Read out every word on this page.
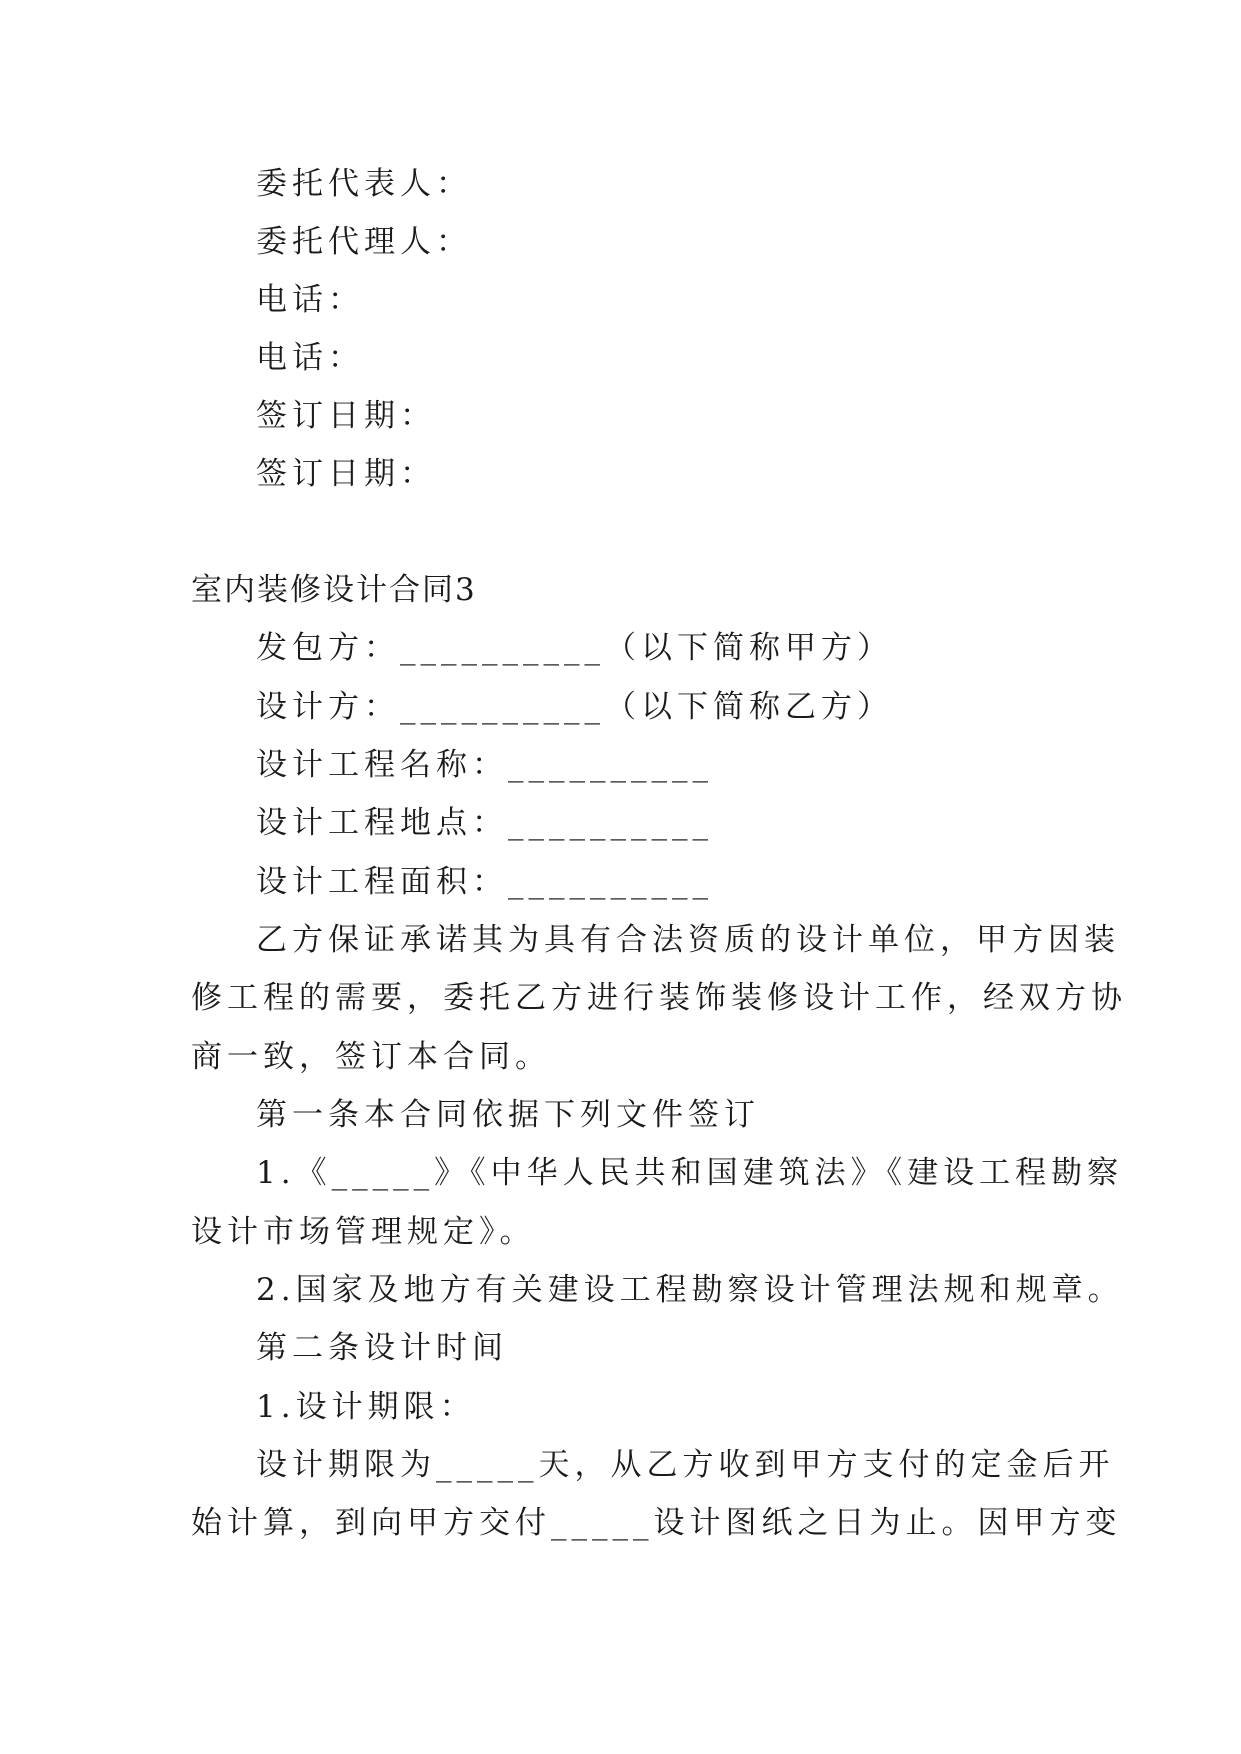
委托代表人：
委托代理人：
电话：
电话：
签订日期：
签订日期：
室内装修设计合同3
发包方：__________（以下简称甲方）
设计方：__________（以下简称乙方）
设计工程名称：__________
设计工程地点：__________
设计工程面积：__________
乙方保证承诺其为具有合法资质的设计单位，甲方因装
修工程的需要，委托乙方进行装饰装修设计工作，经双方协
商一致，签订本合同。
第一条本合同依据下列文件签订
1.《_____》《中华人民共和国建筑法》《建设工程勘察
设计市场管理规定》。
2.国家及地方有关建设工程勘察设计管理法规和规章。
第二条设计时间
1.设计期限：
设计期限为_____天，从乙方收到甲方支付的定金后开
始计算，到向甲方交付_____设计图纸之日为止。因甲方变
